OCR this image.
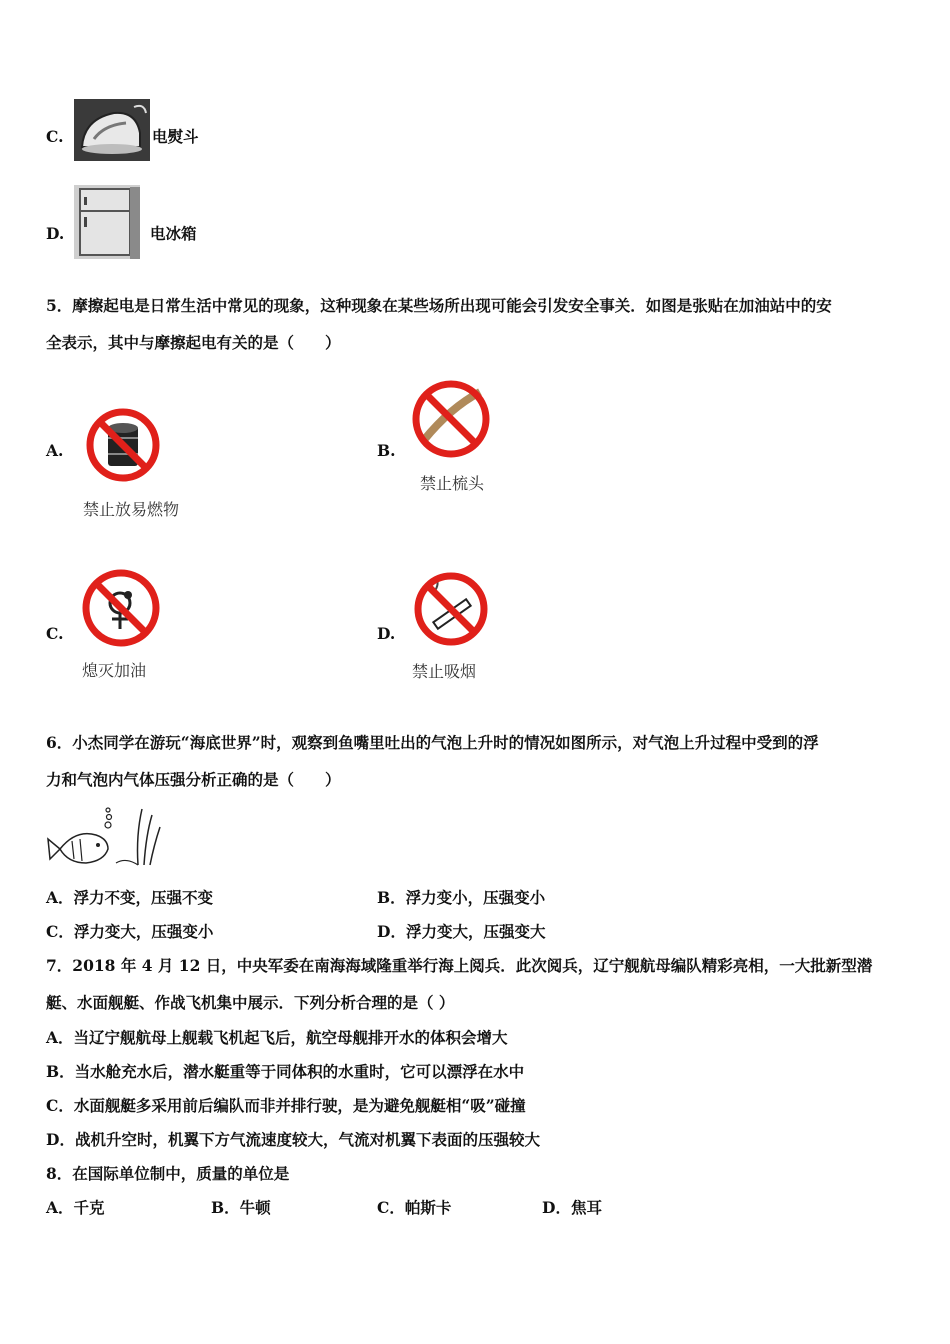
C.	电熨斗
D.	电冰箱
5．摩擦起电是日常生活中常见的现象，这种现象在某些场所出现可能会引发安全事关．如图是张贴在加油站中的安
全表示，其中与摩擦起电有关的是（　　）
A.
禁止放易燃物
B.
禁止梳头
C.
熄灭加油
D.
禁止吸烟
6．小杰同学在游玩“海底世界”时，观察到鱼嘴里吐出的气泡上升时的情况如图所示，对气泡上升过程中受到的浮
力和气泡内气体压强分析正确的是（　　）
A．浮力不变，压强不变	B．浮力变小，压强变小
C．浮力变大，压强变小	D．浮力变大，压强变大
7．2018 年 4 月 12 日，中央军委在南海海域隆重举行海上阅兵．此次阅兵，辽宁舰航母编队精彩亮相，一大批新型潜
艇、水面舰艇、作战飞机集中展示．下列分析合理的是（ ）
A．当辽宁舰航母上舰载飞机起飞后，航空母舰排开水的体积会增大
B．当水舱充水后，潜水艇重等于同体积的水重时，它可以漂浮在水中
C．水面舰艇多采用前后编队而非并排行驶，是为避免舰艇相“吸”碰撞
D．战机升空时，机翼下方气流速度较大，气流对机翼下表面的压强较大
8．在国际单位制中，质量的单位是
A．千克	B．牛顿	C．帕斯卡	D．焦耳
